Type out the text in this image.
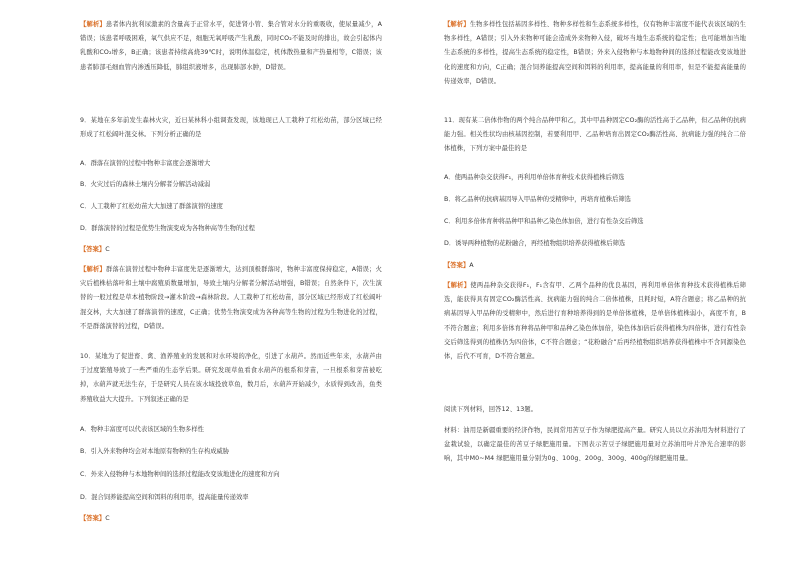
【解析】患者体内抗利尿激素的含量高于正常水平，促进肾小管、集合管对水分的重吸收，使尿量减少，A错误；该患者呼吸困难，氧气供应不足，细胞无氧呼吸产生乳酸，同时CO₂不能及时的排出，故会引起体内乳酸和CO₂增多，B正确；该患者持续高烧39℃时，说明体温稳定，机体散热量和产热量相等，C错误；该患者肺部毛细血管内渗透压降低，肺组织液增多，出现肺部水肿，D错误。

9．某地在多年前发生森林火灾，近日某林科小组调查发现，该地现已人工栽种了红松幼苗，部分区域已经形成了红松阔叶混交林。下列分析正确的是

A．群落在演替的过程中物种丰富度会逐渐增大

B．火灾过后的森林土壤内分解者分解活动减弱

C．人工栽种了红松幼苗大大加速了群落演替的速度

D．群落演替的过程是优势生物演变成为各物种高等生物的过程

【答案】C

【解析】群落在演替过程中物种丰富度先是逐渐增大，达到顶极群落时，物种丰富度保持稳定，A错误；火灾后植株枯落叶和土壤中腐殖质数量增加，导致土壤内分解者分解活动增强，B错误；自然条件下，次生演替的一般过程是草本植物阶段→灌木阶段→森林阶段。人工栽种了红松幼苗，部分区域已经形成了红松阔叶混交林，大大加速了群落演替的速度，C正确；优势生物演变成为各种高等生物的过程为生物进化的过程，不是群落演替的过程，D错误。

10．某地为了促进畜、禽、渔养殖业的发展和对水环境的净化，引进了水葫芦。然而近些年来，水葫芦由于过度繁殖导致了一些严重的生态学后果。研究发现草鱼看食水葫芦的根系和芽苗，一旦根系和芽苗被吃掉，水葫芦就无法生存，于是研究人员在该水域投放草鱼，数月后，水葫芦开始减少，水质得到改善，鱼类养殖收益大大提升。下列叙述正确的是

A．物种丰富度可以代表该区域的生物多样性

B．引入外来物种均会对本地原有物种的生存构成威胁

C．外来入侵物种与本地物种间的选择过程能改变该地进化的速度和方向

D．混合饲养能提高空间和饵料的利用率，提高能量传递效率

【答案】C

【解析】生物多样性包括基因多样性、物种多样性和生态系统多样性，仅有物种丰富度不能代表该区域的生物多样性，A错误；引入外来物种可能会造成外来物种入侵，破坏当地生态系统的稳定性；也可能增加当地生态系统的多样性，提高生态系统的稳定性，B错误；外来入侵物种与本地物种间的选择过程能改变该地进化的速度和方向，C正确；混合饲养能提高空间和饵料的利用率，提高能量的利用率，但是不能提高能量的传递效率，D错误。

11．现有某二倍体作物的两个纯合品种甲和乙，其中甲品种固定CO₂酶的活性高于乙品种，但乙品种的抗病能力强。相关性状均由核基因控制，若要利用甲、乙品种培育出固定CO₂酶活性高、抗病能力强的纯合二倍体植株，下列方案中最佳的是

A．使两品种杂交获得F₁，再利用单倍体育种技术获得植株后筛选

B．将乙品种的抗病基因导入甲品种的受精卵中，再培育植株后筛选

C．利用多倍体育种将品种甲和品种乙染色体加倍，进行有性杂交后筛选

D．诱导两种植物的花粉融合，再经植物组织培养获得植株后筛选

【答案】A

【解析】使两品种杂交获得F₁，F₁含有甲、乙两个品种的优良基因，再利用单倍体育种技术获得植株后筛选，能获得具有固定CO₂酶活性高、抗病能力强的纯合二倍体植株，且耗时短，A符合题意；将乙品种的抗病基因导入甲品种的受精卵中，然后进行育种培养得到的是单倍体植株，是单倍体植株弱小，高度不育，B不符合题意；利用多倍体育种将品种甲和品种乙染色体加倍，染色体加倍后获得植株为四倍体，进行有性杂交后筛选得到的植株仍为四倍体，C不符合题意；“花粉融合”后再经植物组织培养获得植株中不含同源染色体，后代不可育，D不符合题意。

阅读下列材料，回答12、13题。

材料：油用是新疆重要的经济作物，民间常用苦豆子作为绿肥提高产量。研究人员以立苏油用为材料进行了盆栽试验，以确定最佳的苦豆子绿肥施用量。下图表示苦豆子绿肥施用量对立苏油用叶片净光合速率的影响，其中M0~M4 绿肥施用量分别为0g、100g、200g、300g、400g的绿肥施用量。
